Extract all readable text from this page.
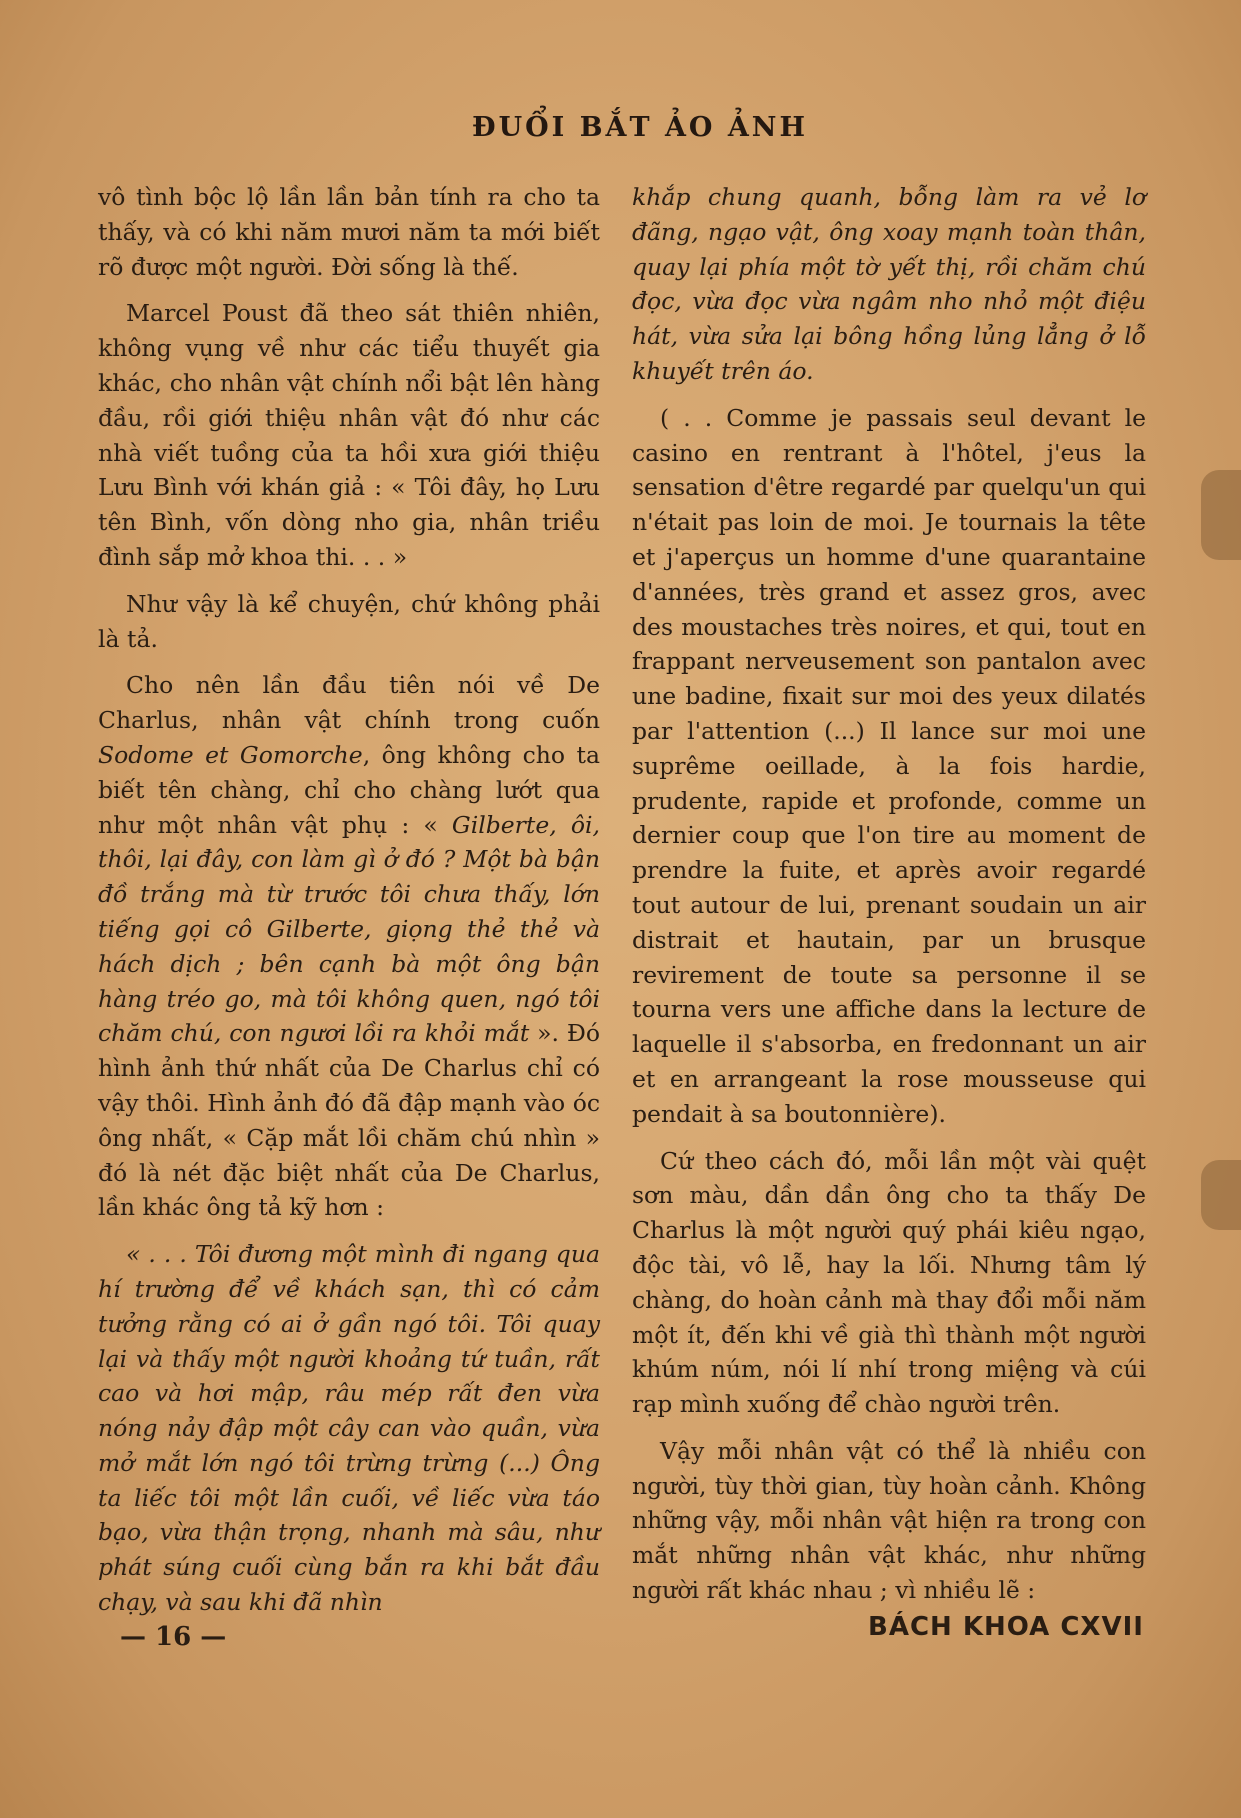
ĐUỔI BẮT ẢO ẢNH

vô tình bộc lộ lần lần bản tính ra cho ta thấy, và có khi năm mươi năm ta mới biết rõ được một người. Đời sống là thế.

Marcel Poust đã theo sát thiên nhiên, không vụng về như các tiểu thuyết gia khác, cho nhân vật chính nổi bật lên hàng đầu, rồi giới thiệu nhân vật đó như các nhà viết tuồng của ta hồi xưa giới thiệu Lưu Bình với khán giả : « Tôi đây, họ Lưu tên Bình, vốn dòng nho gia, nhân triều đình sắp mở khoa thi. . . »

Như vậy là kể chuyện, chứ không phải là tả.

Cho nên lần đầu tiên nói về De Charlus, nhân vật chính trong cuốn Sodome et Gomorche, ông không cho ta biết tên chàng, chỉ cho chàng lướt qua như một nhân vật phụ : « Gilberte, ôi, thôi, lại đây, con làm gì ở đó ? Một bà bận đồ trắng mà từ trước tôi chưa thấy, lớn tiếng gọi cô Gilberte, giọng thẻ thẻ và hách dịch ; bên cạnh bà một ông bận hàng tréo go, mà tôi không quen, ngó tôi chăm chú, con ngươi lồi ra khỏi mắt ». Đó hình ảnh thứ nhất của De Charlus chỉ có vậy thôi. Hình ảnh đó đã đập mạnh vào óc ông nhất, « Cặp mắt lồi chăm chú nhìn » đó là nét đặc biệt nhất của De Charlus, lần khác ông tả kỹ hơn :

« . . . Tôi đương một mình đi ngang qua hí trường để về khách sạn, thì có cảm tưởng rằng có ai ở gần ngó tôi. Tôi quay lại và thấy một người khoảng tứ tuần, rất cao và hơi mập, râu mép rất đen vừa nóng nảy đập một cây can vào quần, vừa mở mắt lớn ngó tôi trừng trừng (...) Ông ta liếc tôi một lần cuối, về liếc vừa táo bạo, vừa thận trọng, nhanh mà sâu, như phát súng cuối cùng bắn ra khi bắt đầu chạy, và sau khi đã nhìn

khắp chung quanh, bỗng làm ra vẻ lơ đãng, ngạo vật, ông xoay mạnh toàn thân, quay lại phía một tờ yết thị, rồi chăm chú đọc, vừa đọc vừa ngâm nho nhỏ một điệu hát, vừa sửa lại bông hồng lủng lẳng ở lỗ khuyết trên áo.

( . . Comme je passais seul devant le casino en rentrant à l'hôtel, j'eus la sensation d'être regardé par quelqu'un qui n'était pas loin de moi. Je tournais la tête et j'aperçus un homme d'une quarantaine d'années, très grand et assez gros, avec des moustaches très noires, et qui, tout en frappant nerveusement son pantalon avec une badine, fixait sur moi des yeux dilatés par l'attention (...) Il lance sur moi une suprême oeillade, à la fois hardie, prudente, rapide et profonde, comme un dernier coup que l'on tire au moment de prendre la fuite, et après avoir regardé tout autour de lui, prenant soudain un air distrait et hautain, par un brusque revirement de toute sa personne il se tourna vers une affiche dans la lecture de laquelle il s'absorba, en fredonnant un air et en arrangeant la rose mousseuse qui pendait à sa boutonnière).

Cứ theo cách đó, mỗi lần một vài quệt sơn màu, dần dần ông cho ta thấy De Charlus là một người quý phái kiêu ngạo, độc tài, vô lễ, hay la lối. Nhưng tâm lý chàng, do hoàn cảnh mà thay đổi mỗi năm một ít, đến khi về già thì thành một người khúm núm, nói lí nhí trong miệng và cúi rạp mình xuống để chào người trên.

Vậy mỗi nhân vật có thể là nhiều con người, tùy thời gian, tùy hoàn cảnh. Không những vậy, mỗi nhân vật hiện ra trong con mắt những nhân vật khác, như những người rất khác nhau ; vì nhiều lẽ :

— 16 —	BÁCH KHOA CXVII
